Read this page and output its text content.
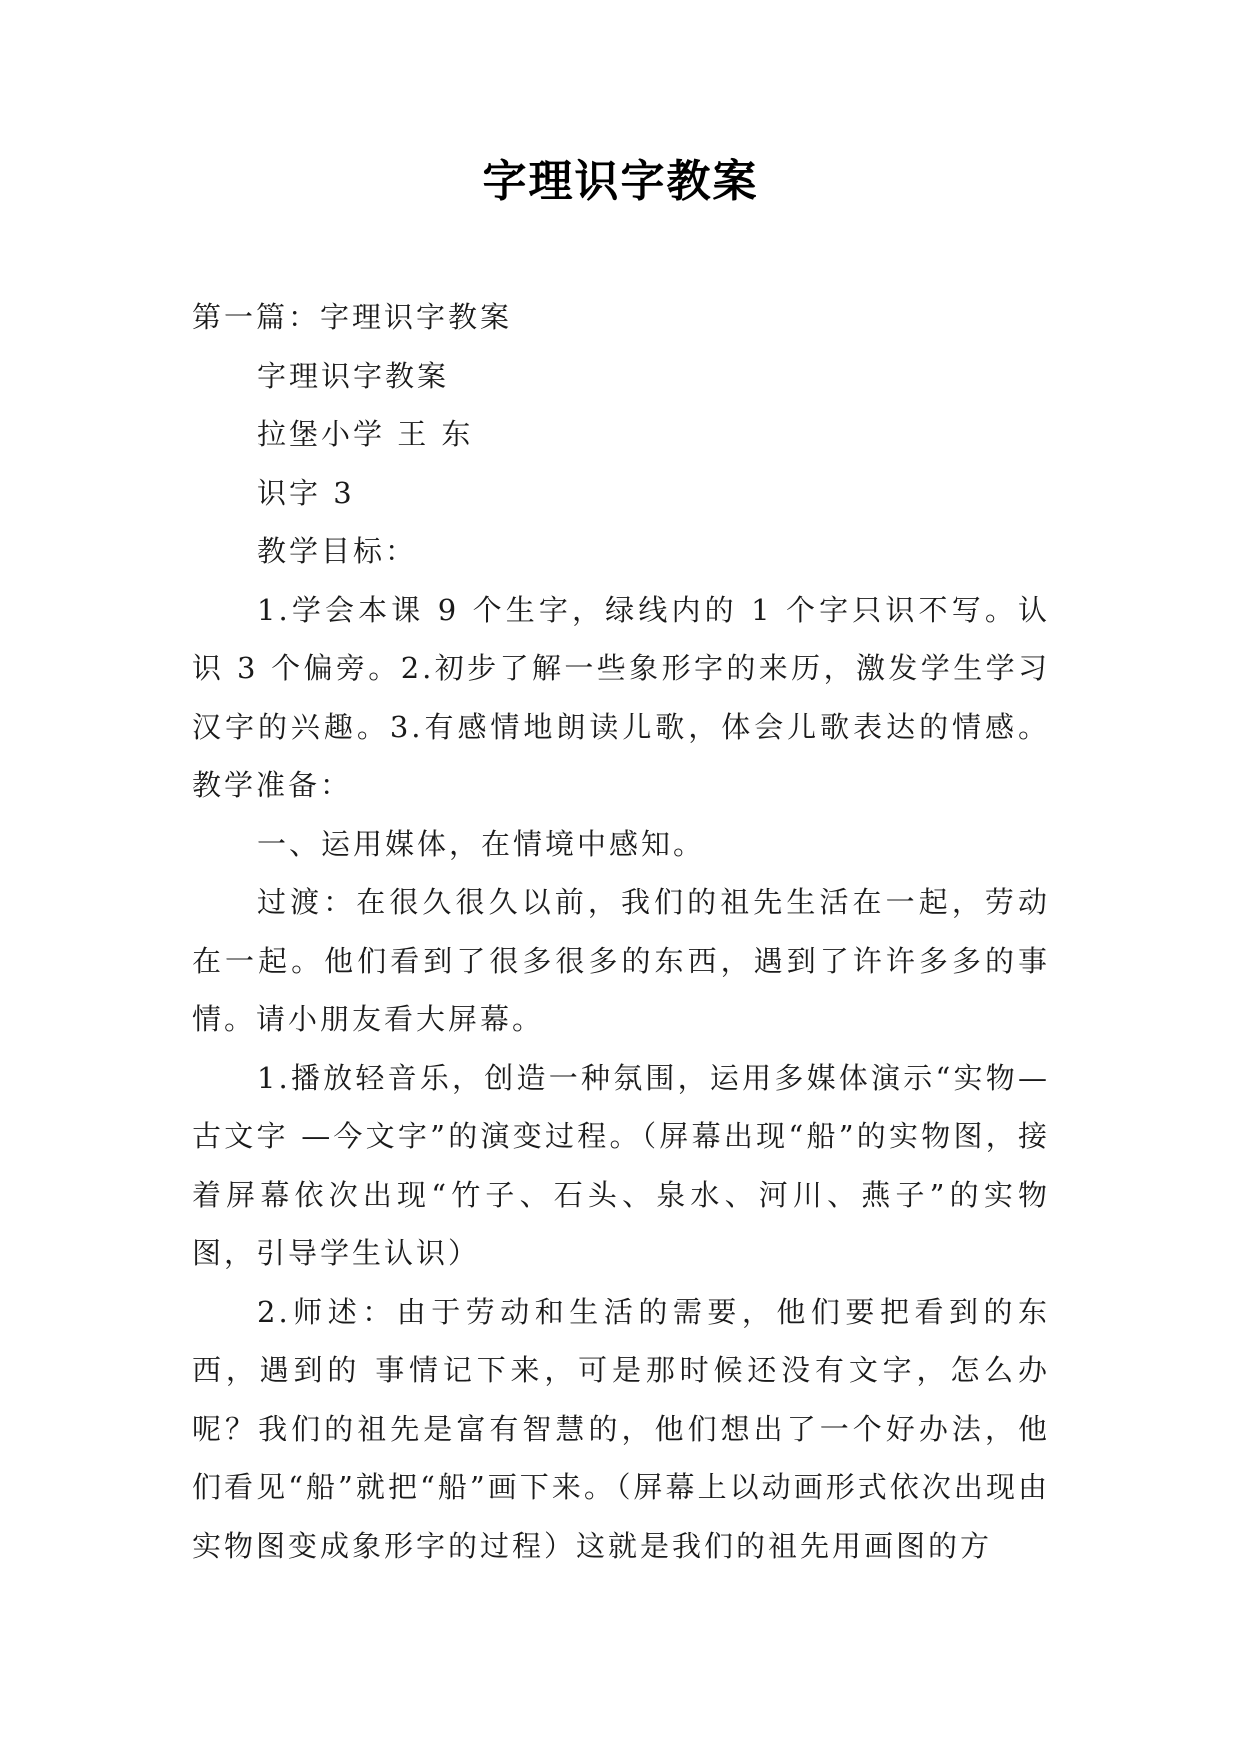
字理识字教案

第一篇：字理识字教案

字理识字教案

拉堡小学 王 东

识字 3

教学目标：

1.学会本课 9 个生字，绿线内的 1 个字只识不写。认识 3 个偏旁。2.初步了解一些象形字的来历，激发学生学习汉字的兴趣。3.有感情地朗读儿歌，体会儿歌表达的情感。教学准备：

一、运用媒体，在情境中感知。

过渡：在很久很久以前，我们的祖先生活在一起，劳动在一起。他们看到了很多很多的东西，遇到了许许多多的事情。请小朋友看大屏幕。

1.播放轻音乐，创造一种氛围，运用多媒体演示“实物—古文字 —今文字”的演变过程。（屏幕出现“船”的实物图，接着屏幕依次出现“竹子、石头、泉水、河川、燕子”的实物图，引导学生认识）

2.师述：由于劳动和生活的需要，他们要把看到的东西，遇到的 事情记下来，可是那时候还没有文字，怎么办呢？我们的祖先是富有智慧的，他们想出了一个好办法，他们看见“船”就把“船”画下来。（屏幕上以动画形式依次出现由实物图变成象形字的过程）这就是我们的祖先用画图的方
